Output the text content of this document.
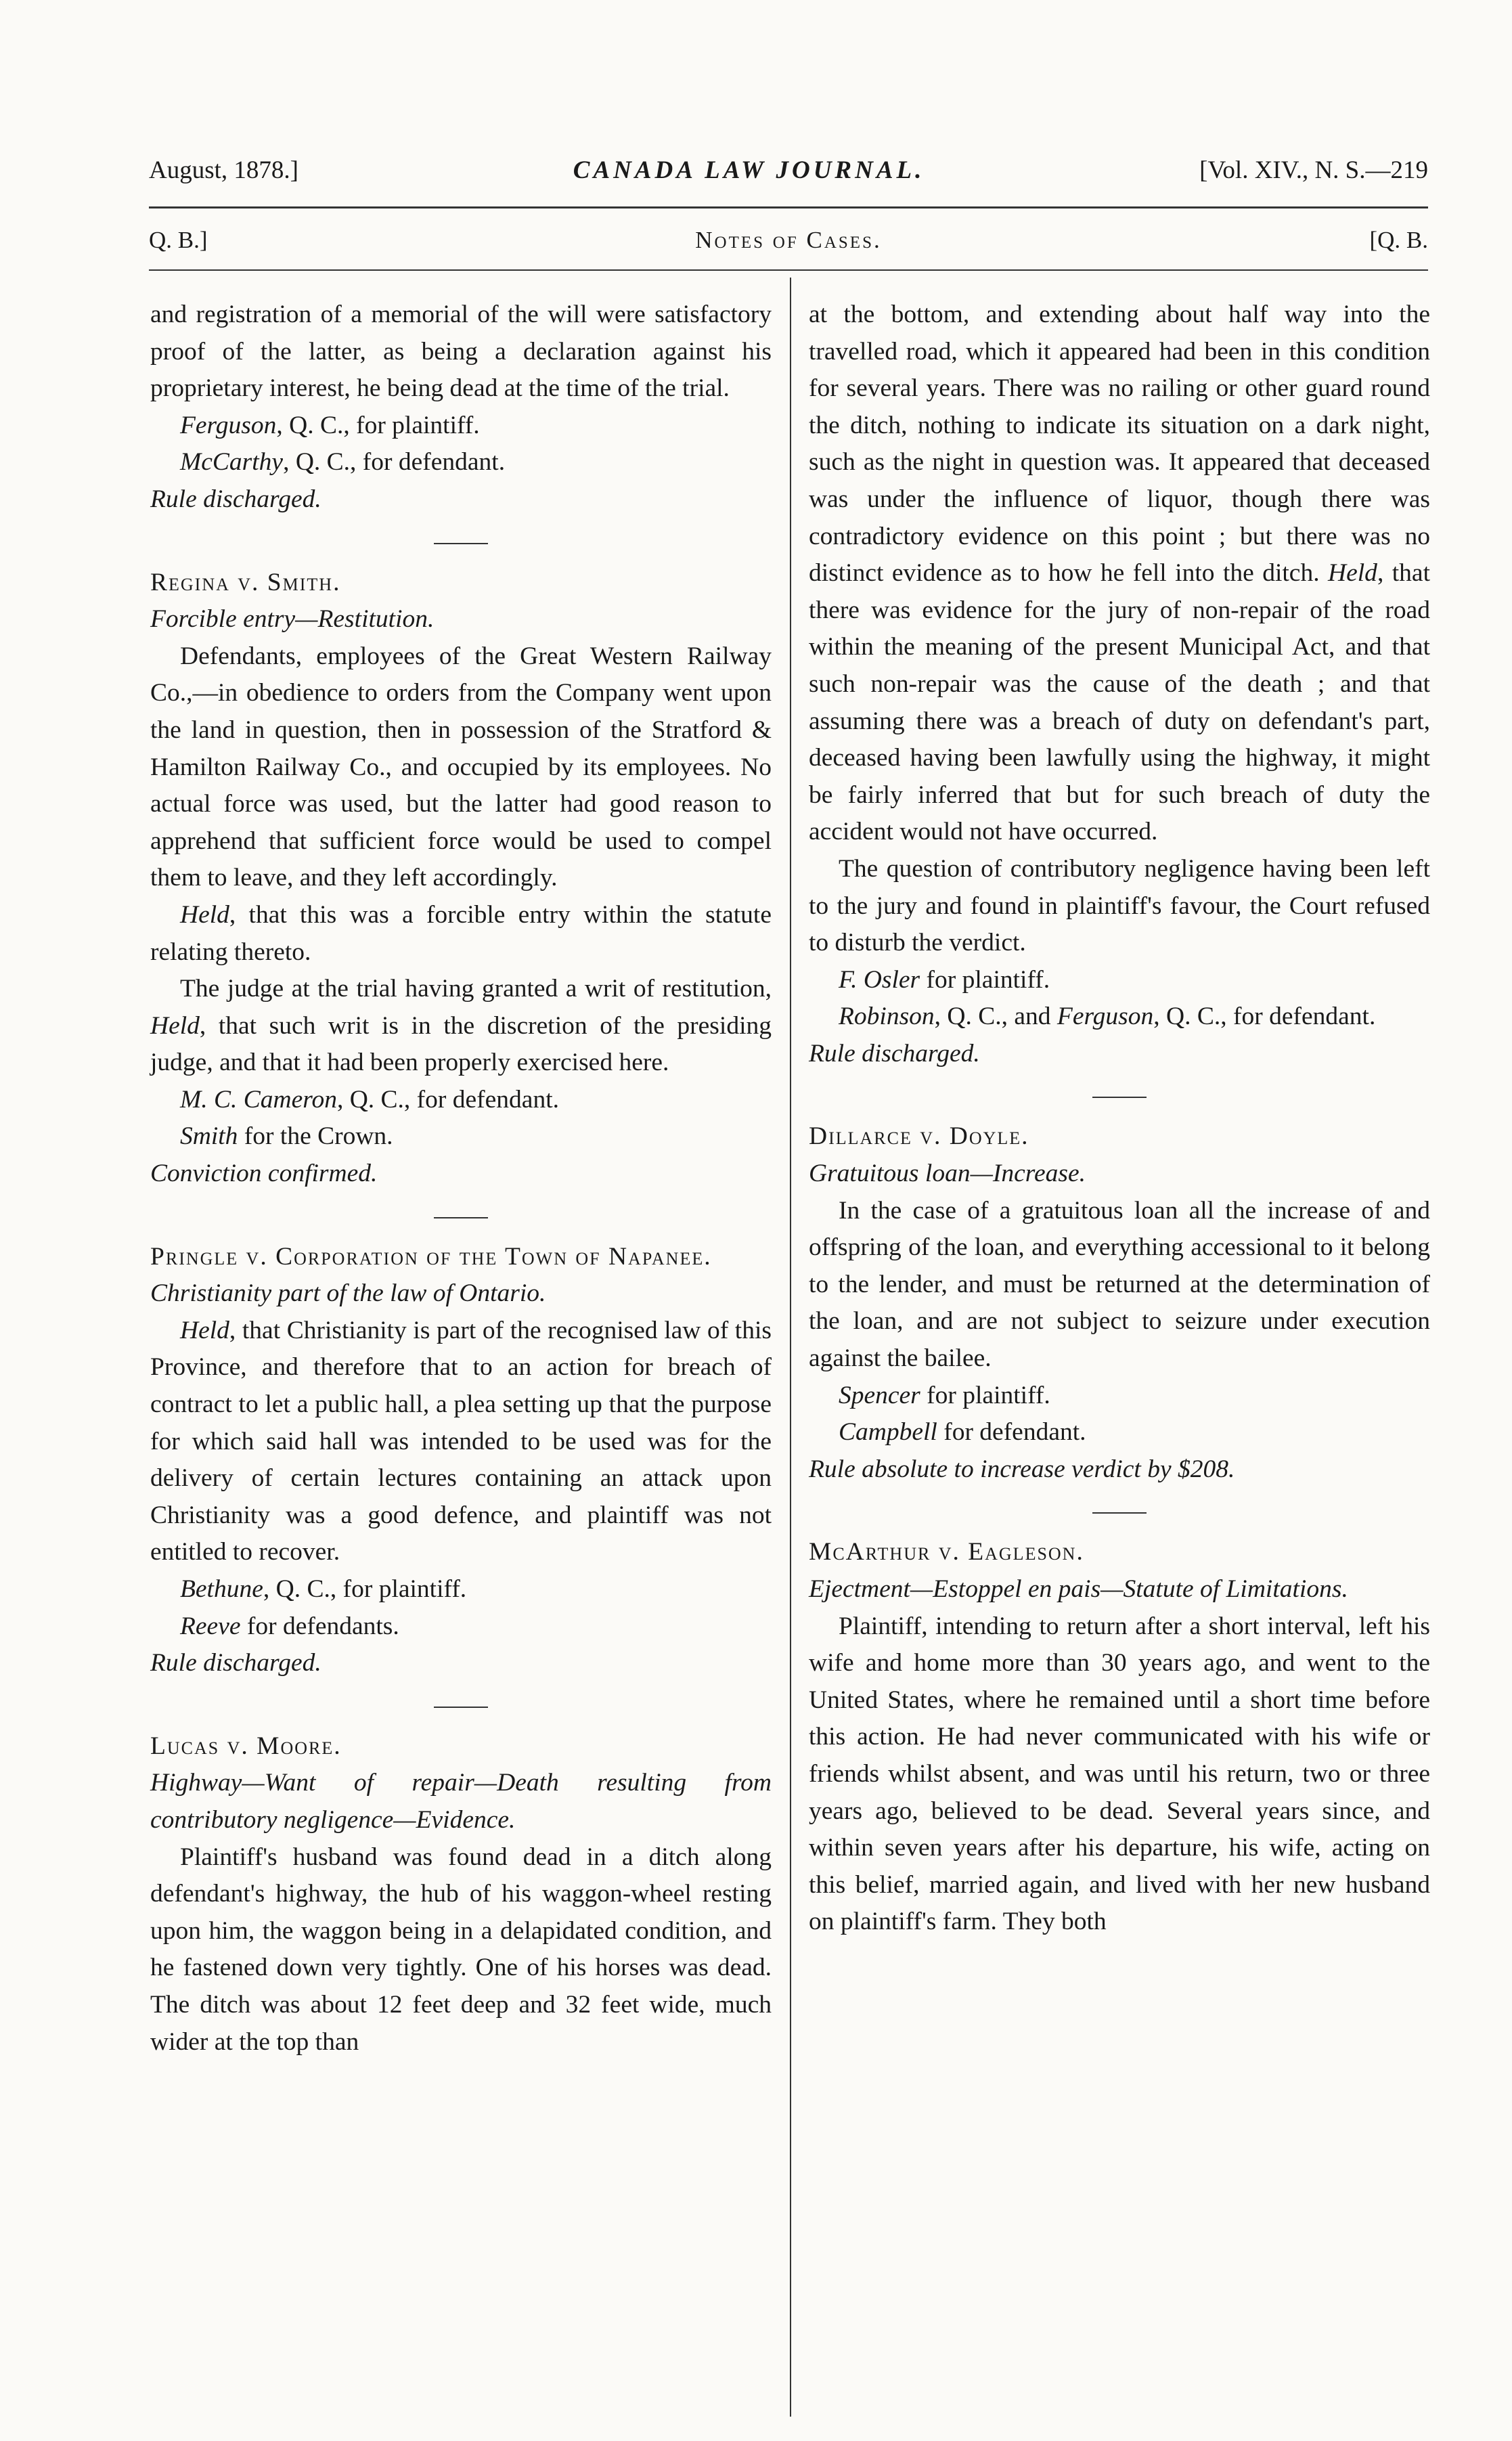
August, 1878.]	CANADA LAW JOURNAL.	[Vol. XIV., N. S.—219
Q. B.]	Notes of Cases.	[Q. B.

and registration of a memorial of the will were satisfactory proof of the latter, as being a declaration against his proprietary interest, he being dead at the time of the trial.

Ferguson, Q. C., for plaintiff.

McCarthy, Q. C., for defendant.

Rule discharged.

Regina v. Smith.

Forcible entry—Restitution.

Defendants, employees of the Great Western Railway Co.,—in obedience to orders from the Company went upon the land in question, then in possession of the Stratford & Hamilton Railway Co., and occupied by its employees. No actual force was used, but the latter had good reason to apprehend that sufficient force would be used to compel them to leave, and they left accordingly.

Held, that this was a forcible entry within the statute relating thereto.

The judge at the trial having granted a writ of restitution, Held, that such writ is in the discretion of the presiding judge, and that it had been properly exercised here.

M. C. Cameron, Q. C., for defendant.

Smith for the Crown.

Conviction confirmed.

Pringle v. Corporation of the Town of Napanee.

Christianity part of the law of Ontario.

Held, that Christianity is part of the recognised law of this Province, and therefore that to an action for breach of contract to let a public hall, a plea setting up that the purpose for which said hall was intended to be used was for the delivery of certain lectures containing an attack upon Christianity was a good defence, and plaintiff was not entitled to recover.

Bethune, Q. C., for plaintiff.

Reeve for defendants.

Rule discharged.

Lucas v. Moore.

Highway—Want of repair—Death resulting from contributory negligence—Evidence.

Plaintiff's husband was found dead in a ditch along defendant's highway, the hub of his waggon-wheel resting upon him, the waggon being in a delapidated condition, and he fastened down very tightly. One of his horses was dead. The ditch was about 12 feet deep and 32 feet wide, much wider at the top than

at the bottom, and extending about half way into the travelled road, which it appeared had been in this condition for several years. There was no railing or other guard round the ditch, nothing to indicate its situation on a dark night, such as the night in question was. It appeared that deceased was under the influence of liquor, though there was contradictory evidence on this point ; but there was no distinct evidence as to how he fell into the ditch. Held, that there was evidence for the jury of non-repair of the road within the meaning of the present Municipal Act, and that such non-repair was the cause of the death ; and that assuming there was a breach of duty on defendant's part, deceased having been lawfully using the highway, it might be fairly inferred that but for such breach of duty the accident would not have occurred.

The question of contributory negligence having been left to the jury and found in plaintiff's favour, the Court refused to disturb the verdict.

F. Osler for plaintiff.

Robinson, Q. C., and Ferguson, Q. C., for defendant.

Rule discharged.

Dillarce v. Doyle.

Gratuitous loan—Increase.

In the case of a gratuitous loan all the increase of and offspring of the loan, and everything accessional to it belong to the lender, and must be returned at the determination of the loan, and are not subject to seizure under execution against the bailee.

Spencer for plaintiff.

Campbell for defendant.

Rule absolute to increase verdict by $208.

McArthur v. Eagleson.

Ejectment—Estoppel en pais—Statute of Limitations.

Plaintiff, intending to return after a short interval, left his wife and home more than 30 years ago, and went to the United States, where he remained until a short time before this action. He had never communicated with his wife or friends whilst absent, and was until his return, two or three years ago, believed to be dead. Several years since, and within seven years after his departure, his wife, acting on this belief, married again, and lived with her new husband on plaintiff's farm. They both
